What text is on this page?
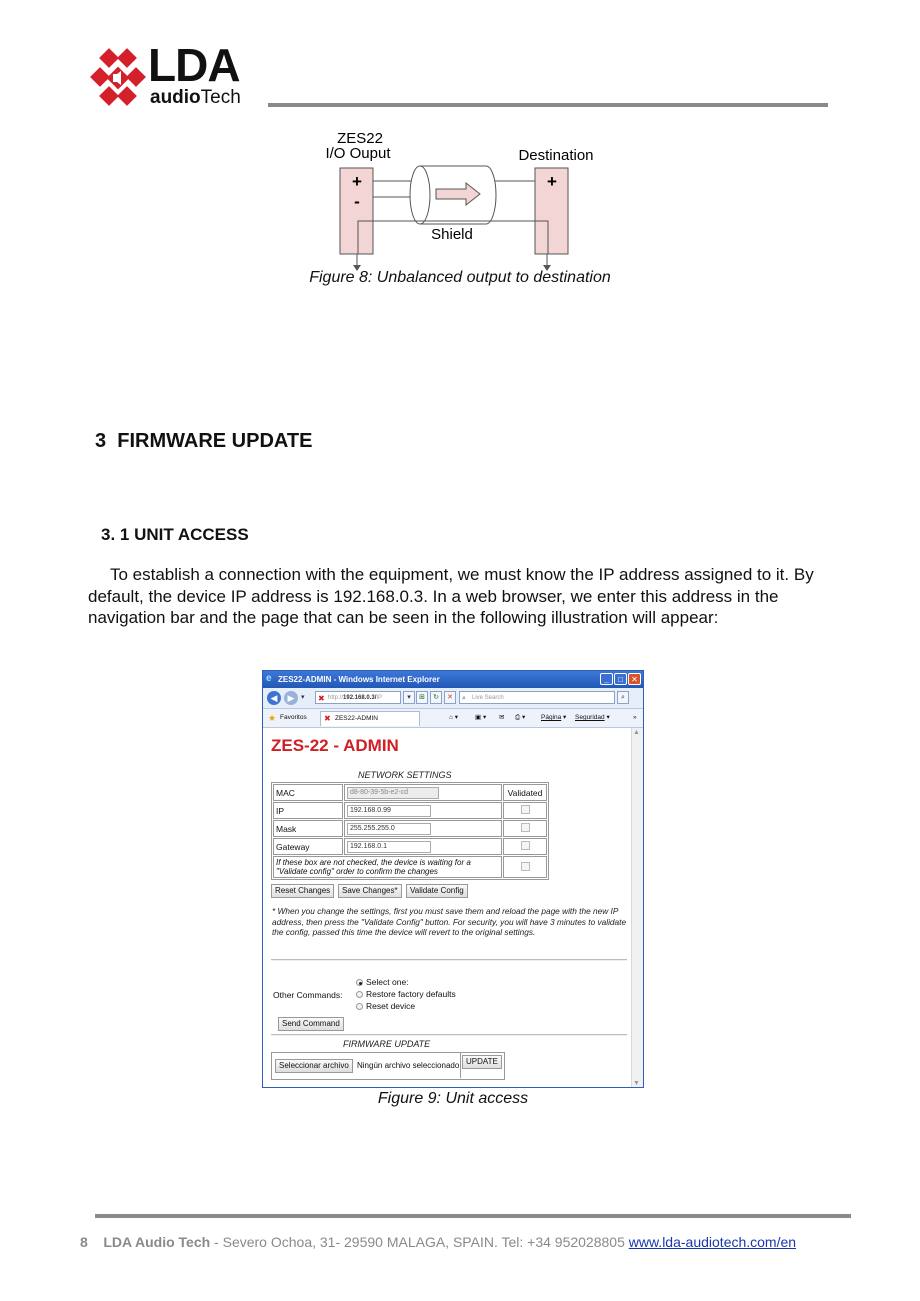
LDA
audioTech
ZES22
I/O Ouput	Destination
+
-
+
Shield
Figure 8: Unbalanced output to destination
3  FIRMWARE UPDATE
3. 1 UNIT ACCESS
To establish a connection with the equipment, we must know the IP address assigned to it. By default, the device IP address is 192.168.0.3. In a web browser, we enter this address in the navigation bar and the page that can be seen in the following illustration will appear:
e ZES22-ADMIN - Windows Internet Explorer	_	□	✕
◀	▶ ▾ ✖ http://192.168.0.3/IP	▾	⊞	↻	✕	⌕ Live Search	⌕
★ Favoritos ✖ ZES22-ADMIN	⌂ ▾	▣ ▾ ✉ ⎙ ▾ Página ▾ Seguridad ▾	»
ZES-22 - ADMIN
NETWORK SETTINGS
MAC	d8-80-39-5b-e2-cd	Validated
IP	192.168.0.99	
Mask	255.255.255.0	
Gateway	192.168.0.1	
If these box are not checked, the device is waiting for a "Validate config" order to confirm the changes		
Reset Changes	Save Changes*	Validate Config
* When you change the settings, first you must save them and reload the page with the new IP address, then press the "Validate Config" button. For security, you will have 3 minutes to validate the config, passed this time the device will revert to the original settings.
Other Commands:
Select one:
Restore factory defaults
Reset device
Send Command
FIRMWARE UPDATE
Seleccionar archivo	Ningún archivo seleccionado UPDATE
▲
▼
Figure 9: Unit access
8 LDA Audio Tech - Severo Ochoa, 31- 29590 MALAGA, SPAIN. Tel: +34 952028805 www.lda-audiotech.com/en
